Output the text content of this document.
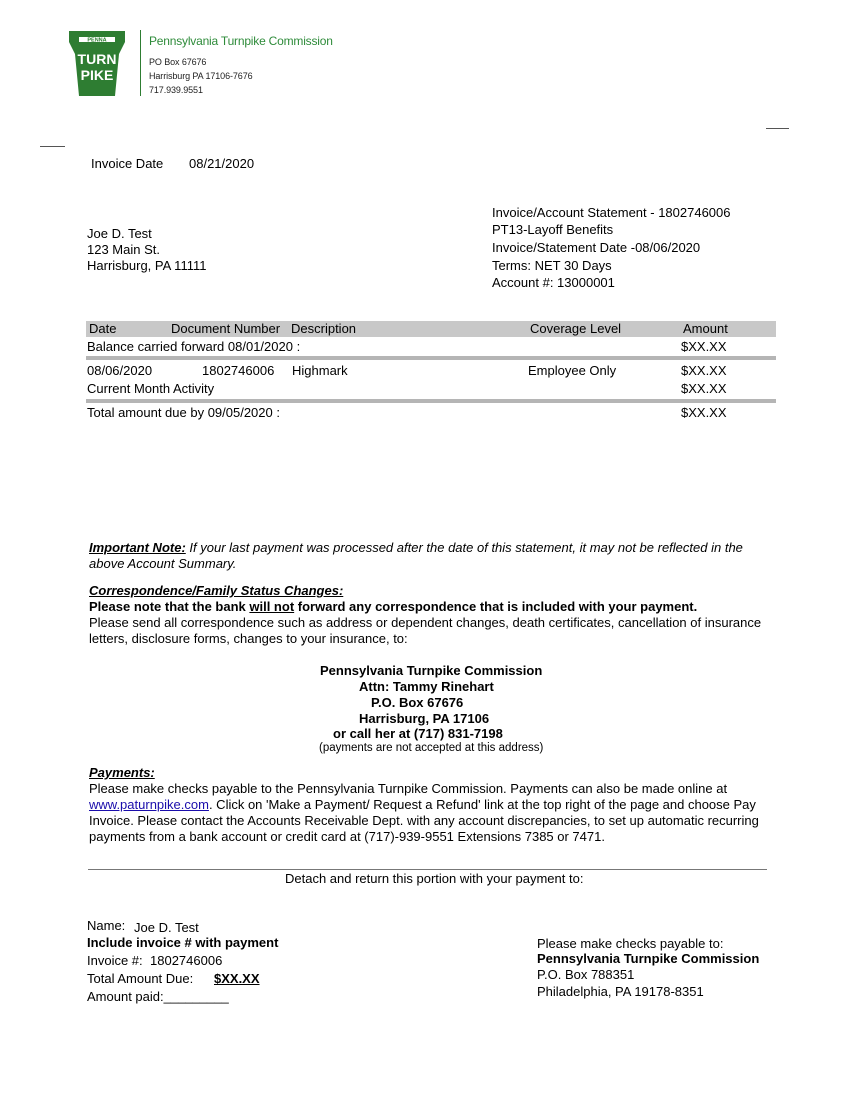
PENNA
TURN
PIKE
Pennsylvania Turnpike Commission
PO Box 67676
Harrisburg PA 17106-7676
717.939.9551
Invoice Date 08/21/2020
Joe D. Test
123 Main St.
Harrisburg, PA 11111
Invoice/Account Statement - 1802746006
PT13-Layoff Benefits
Invoice/Statement Date -08/06/2020
Terms: NET 30 Days
Account #: 13000001
Date	Document Number Description	Coverage Level	Amount
Balance carried forward 08/01/2020 :	$XX.XX
08/06/2020	1802746006 Highmark	Employee Only	$XX.XX
Current Month Activity	$XX.XX
Total amount due by 09/05/2020 :	$XX.XX
Important Note: If your last payment was processed after the date of this statement, it may not be reflected in the above Account Summary.
Correspondence/Family Status Changes:
Please note that the bank will not forward any correspondence that is included with your payment.
Please send all correspondence such as address or dependent changes, death certificates, cancellation of insurance letters, disclosure forms, changes to your insurance, to:
Pennsylvania Turnpike Commission
Attn: Tammy Rinehart
P.O. Box 67676
Harrisburg, PA 17106
or call her at (717) 831-7198
(payments are not accepted at this address)
Payments:
Please make checks payable to the Pennsylvania Turnpike Commission. Payments can also be made online at www.paturnpike.com. Click on 'Make a Payment/ Request a Refund' link at the top right of the page and choose Pay Invoice. Please contact the Accounts Receivable Dept. with any account discrepancies, to set up automatic recurring payments from a bank account or credit card at (717)-939-9551 Extensions 7385 or 7471.
Detach and return this portion with your payment to:
Name: Joe D. Test
Include invoice # with payment
Invoice #: 1802746006
Total Amount Due: $XX.XX
Amount paid:_________
Please make checks payable to:
Pennsylvania Turnpike Commission
P.O. Box 788351
Philadelphia, PA 19178-8351
